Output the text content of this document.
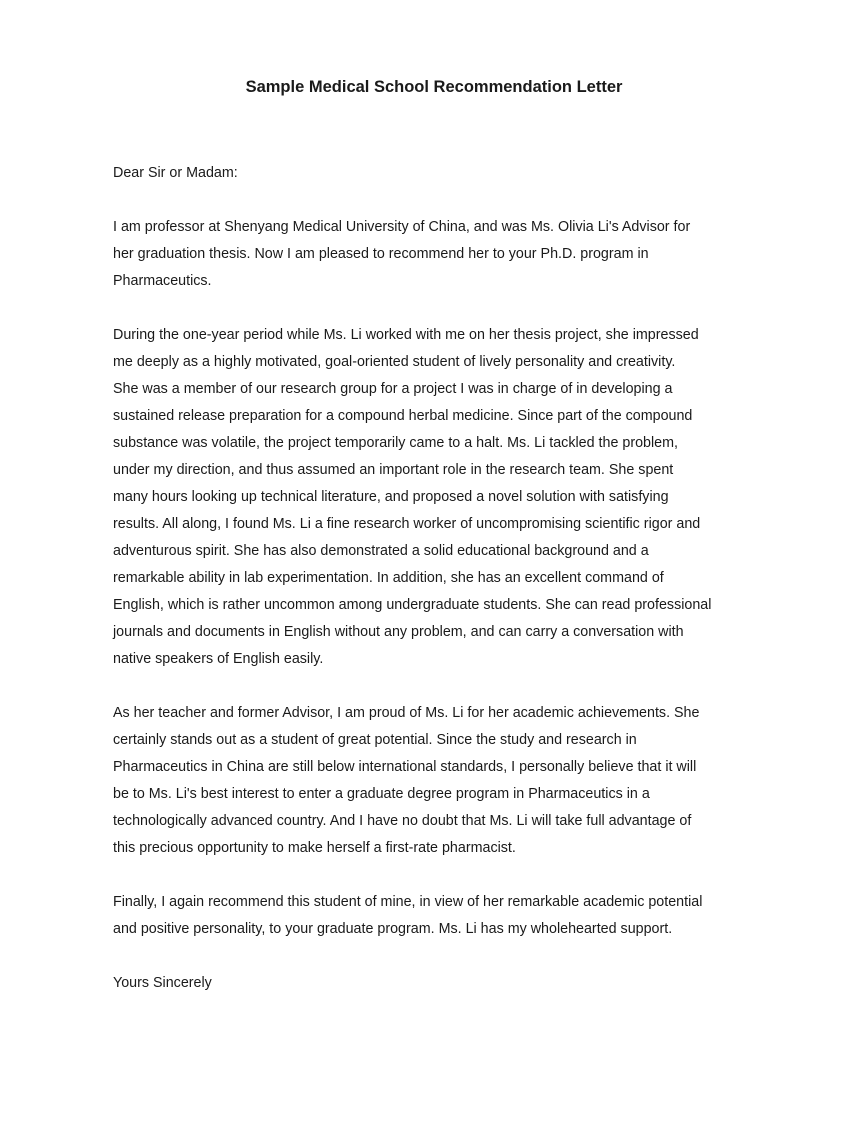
Sample Medical School Recommendation Letter

Dear Sir or Madam:

I am professor at Shenyang Medical University of China, and was Ms. Olivia Li's Advisor for
her graduation thesis. Now I am pleased to recommend her to your Ph.D. program in
Pharmaceutics.

During the one-year period while Ms. Li worked with me on her thesis project, she impressed
me deeply as a highly motivated, goal-oriented student of lively personality and creativity.
She was a member of our research group for a project I was in charge of in developing a
sustained release preparation for a compound herbal medicine. Since part of the compound
substance was volatile, the project temporarily came to a halt. Ms. Li tackled the problem,
under my direction, and thus assumed an important role in the research team. She spent
many hours looking up technical literature, and proposed a novel solution with satisfying
results. All along, I found Ms. Li a fine research worker of uncompromising scientific rigor and
adventurous spirit. She has also demonstrated a solid educational background and a
remarkable ability in lab experimentation. In addition, she has an excellent command of
English, which is rather uncommon among undergraduate students. She can read professional
journals and documents in English without any problem, and can carry a conversation with
native speakers of English easily.

As her teacher and former Advisor, I am proud of Ms. Li for her academic achievements. She
certainly stands out as a student of great potential. Since the study and research in
Pharmaceutics in China are still below international standards, I personally believe that it will
be to Ms. Li's best interest to enter a graduate degree program in Pharmaceutics in a
technologically advanced country. And I have no doubt that Ms. Li will take full advantage of
this precious opportunity to make herself a first-rate pharmacist.

Finally, I again recommend this student of mine, in view of her remarkable academic potential
and positive personality, to your graduate program. Ms. Li has my wholehearted support.

Yours Sincerely
